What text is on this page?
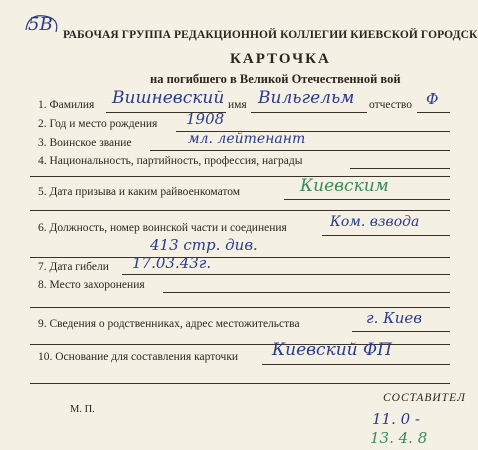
5В РАБОЧАЯ ГРУППА РЕДАКЦИОННОЙ КОЛЛЕГИИ КИЕВСКОЙ ГОРОДСК
КАРТОЧКА
на погибшего в Великой Отечественной вой
1. Фамилия Вишневский имя Вильгельм отчество Ф
2. Год и место рождения 1908
3. Воинское звание	мл. лейтенант
4. Национальность, партийность, профессия, награды
5. Дата призыва и каким райвоенкоматом	Киевским
6. Должность, номер воинской части и соединения	Ком. взвода
413 стр. див.
7. Дата гибели 17.03.43г.
8. Место захоронения
9. Сведения о родственниках, адрес местожительства	г. Киев
10. Основание для составления карточки Киевский ФП
М. П.
СОСТАВИТЕЛ
11. 0 -
13. 4. 8
